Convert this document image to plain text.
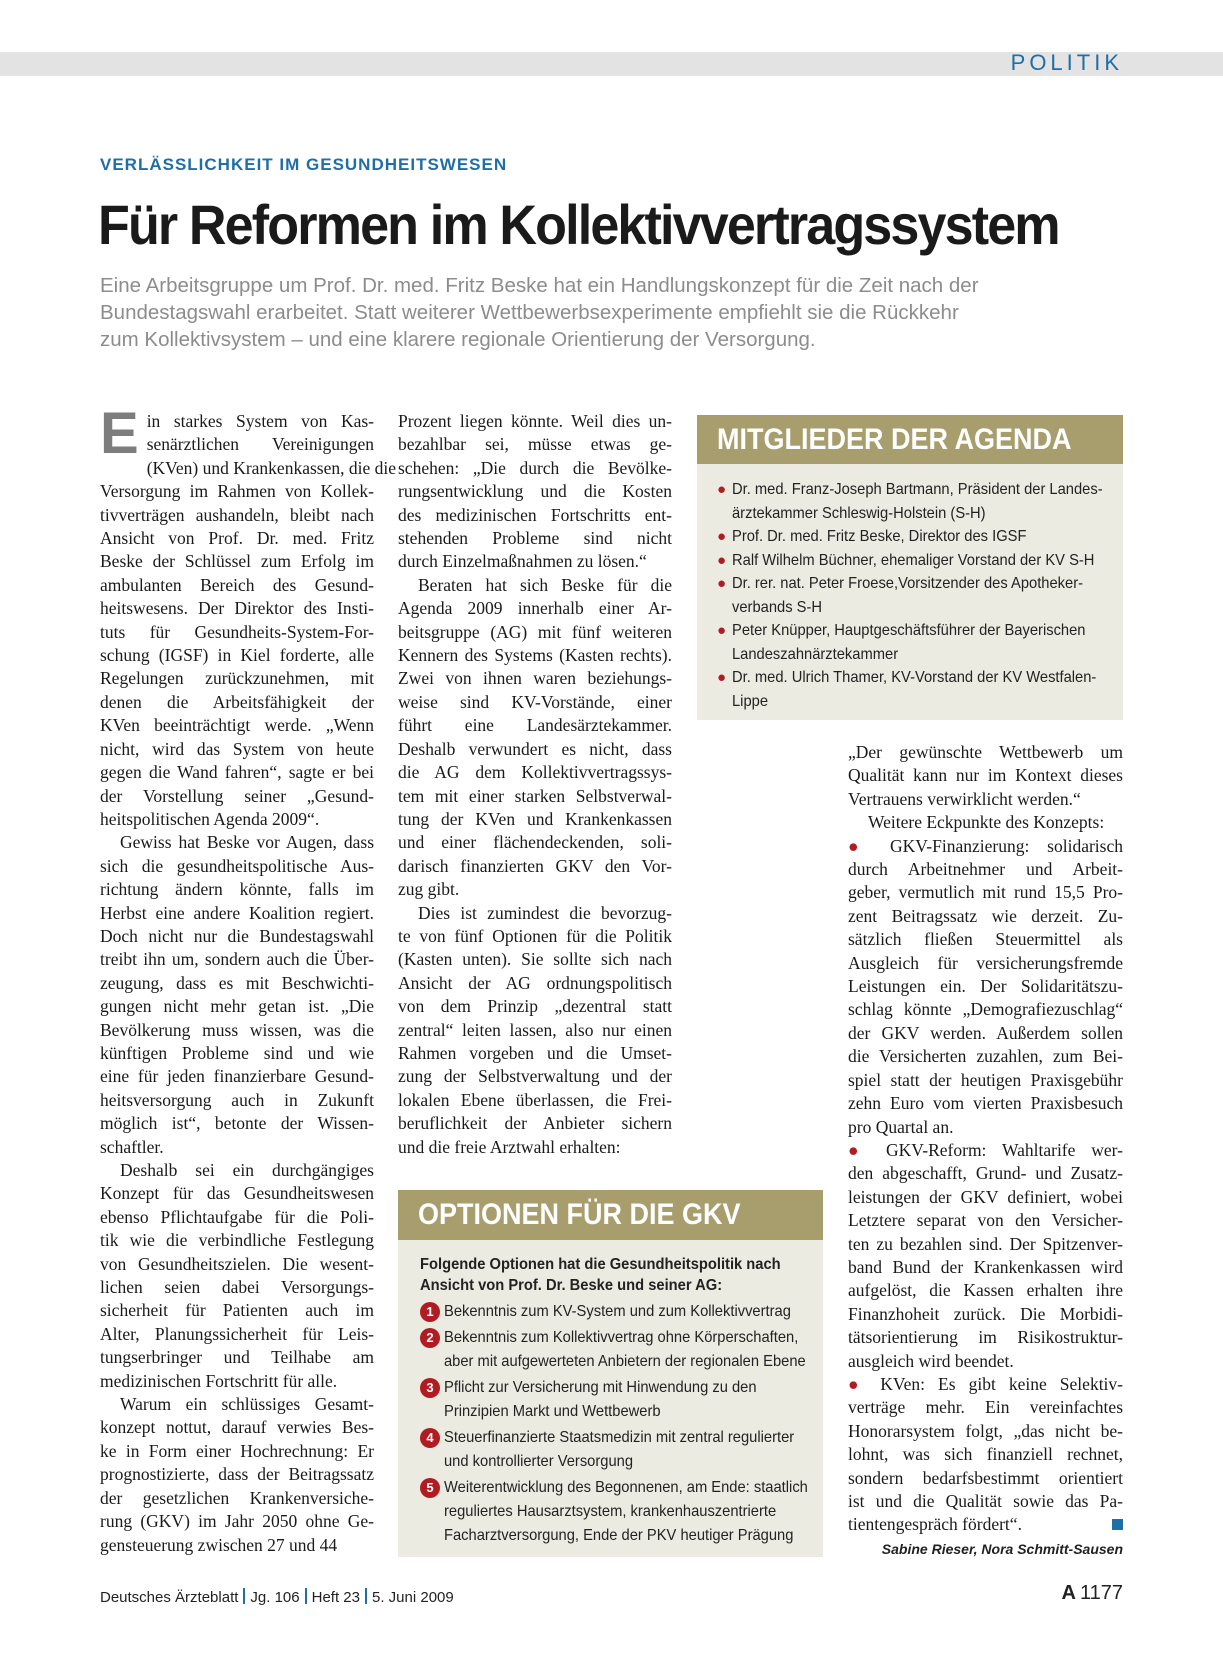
POLITIK
VERLÄSSLICHKEIT IM GESUNDHEITSWESEN
Für Reformen im Kollektivvertragssystem

Eine Arbeitsgruppe um Prof. Dr. med. Fritz Beske hat ein Handlungskonzept für die Zeit nach der

Bundestagswahl erarbeitet. Statt weiterer Wettbewerbsexperimente empfiehlt sie die Rückkehr

zum Kollektivsystem – und eine klarere regionale Orientierung der Versorgung.

E in starkes System von Kas-

senärztlichen Vereinigungen

(KVen) und Krankenkassen, die die

Versorgung im Rahmen von Kollek-

tivverträgen aushandeln, bleibt nach

Ansicht von Prof. Dr. med. Fritz

Beske der Schlüssel zum Erfolg im

ambulanten Bereich des Gesund-

heitswesens. Der Direktor des Insti-

tuts für Gesundheits-System-For-

schung (IGSF) in Kiel forderte, alle

Regelungen zurückzunehmen, mit

denen die Arbeitsfähigkeit der

KVen beeinträchtigt werde. „Wenn

nicht, wird das System von heute

gegen die Wand fahren“, sagte er bei

der Vorstellung seiner „Gesund-

heitspolitischen Agenda 2009“.

Gewiss hat Beske vor Augen, dass

sich die gesundheitspolitische Aus-

richtung ändern könnte, falls im

Herbst eine andere Koalition regiert.

Doch nicht nur die Bundestagswahl

treibt ihn um, sondern auch die Über-

zeugung, dass es mit Beschwichti-

gungen nicht mehr getan ist. „Die

Bevölkerung muss wissen, was die

künftigen Probleme sind und wie

eine für jeden finanzierbare Gesund-

heitsversorgung auch in Zukunft

möglich ist“, betonte der Wissen-

schaftler.

Deshalb sei ein durchgängiges

Konzept für das Gesundheitswesen

ebenso Pflichtaufgabe für die Poli-

tik wie die verbindliche Festlegung

von Gesundheitszielen. Die wesent-

lichen seien dabei Versorgungs-

sicherheit für Patienten auch im

Alter, Planungssicherheit für Leis-

tungserbringer und Teilhabe am

medizinischen Fortschritt für alle.

Warum ein schlüssiges Gesamt-

konzept nottut, darauf verwies Bes-

ke in Form einer Hochrechnung: Er

prognostizierte, dass der Beitragssatz

der gesetzlichen Krankenversiche-

rung (GKV) im Jahr 2050 ohne Ge-

gensteuerung zwischen 27 und 44

Prozent liegen könnte. Weil dies un-

bezahlbar sei, müsse etwas ge-

schehen: „Die durch die Bevölke-

rungsentwicklung und die Kosten

des medizinischen Fortschritts ent-

stehenden Probleme sind nicht

durch Einzelmaßnahmen zu lösen.“

Beraten hat sich Beske für die

Agenda 2009 innerhalb einer Ar-

beitsgruppe (AG) mit fünf weiteren

Kennern des Systems (Kasten rechts).

Zwei von ihnen waren beziehungs-

weise sind KV-Vorstände, einer

führt eine Landesärztekammer.

Deshalb verwundert es nicht, dass

die AG dem Kollektivvertragssys-

tem mit einer starken Selbstverwal-

tung der KVen und Krankenkassen

und einer flächendeckenden, soli-

darisch finanzierten GKV den Vor-

zug gibt.

Dies ist zumindest die bevorzug-

te von fünf Optionen für die Politik

(Kasten unten). Sie sollte sich nach

Ansicht der AG ordnungspolitisch

von dem Prinzip „dezentral statt

zentral“ leiten lassen, also nur einen

Rahmen vorgeben und die Umset-

zung der Selbstverwaltung und der

lokalen Ebene überlassen, die Frei-

beruflichkeit der Anbieter sichern

und die freie Arztwahl erhalten:

MITGLIEDER DER AGENDA
● Dr. med. Franz-Joseph Bartmann, Präsident der Landes-
ärztekammer Schleswig-Holstein (S-H)
● Prof. Dr. med. Fritz Beske, Direktor des IGSF
● Ralf Wilhelm Büchner, ehemaliger Vorstand der KV S-H
● Dr. rer. nat. Peter Froese,Vorsitzender des Apotheker-
verbands S-H
● Peter Knüpper, Hauptgeschäftsführer der Bayerischen
Landeszahnärztekammer
● Dr. med. Ulrich Thamer, KV-Vorstand der KV Westfalen-
Lippe

„Der gewünschte Wettbewerb um

Qualität kann nur im Kontext dieses

Vertrauens verwirklicht werden.“

Weitere Eckpunkte des Konzepts:

● GKV-Finanzierung: solidarisch

durch Arbeitnehmer und Arbeit-

geber, vermutlich mit rund 15,5 Pro-

zent Beitragssatz wie derzeit. Zu-

sätzlich fließen Steuermittel als

Ausgleich für versicherungsfremde

Leistungen ein. Der Solidaritätszu-

schlag könnte „Demografiezuschlag“

der GKV werden. Außerdem sollen

die Versicherten zuzahlen, zum Bei-

spiel statt der heutigen Praxisgebühr

zehn Euro vom vierten Praxisbesuch

pro Quartal an.

● GKV-Reform: Wahltarife wer-

den abgeschafft, Grund- und Zusatz-

leistungen der GKV definiert, wobei

Letztere separat von den Versicher-

ten zu bezahlen sind. Der Spitzenver-

band Bund der Krankenkassen wird

aufgelöst, die Kassen erhalten ihre

Finanzhoheit zurück. Die Morbidi-

tätsorientierung im Risikostruktur-

ausgleich wird beendet.

● KVen: Es gibt keine Selektiv-

verträge mehr. Ein vereinfachtes

Honorarsystem folgt, „das nicht be-

lohnt, was sich finanziell rechnet,

sondern bedarfsbestimmt orientiert

ist und die Qualität sowie das Pa-

tientengespräch fördert“.

OPTIONEN FÜR DIE GKV
Folgende Optionen hat die Gesundheitspolitik nach
Ansicht von Prof. Dr. Beske und seiner AG:
1 Bekenntnis zum KV-System und zum Kollektivvertrag
2 Bekenntnis zum Kollektivvertrag ohne Körperschaften,
aber mit aufgewerteten Anbietern der regionalen Ebene
3 Pflicht zur Versicherung mit Hinwendung zu den
Prinzipien Markt und Wettbewerb
4 Steuerfinanzierte Staatsmedizin mit zentral regulierter
und kontrollierter Versorgung
5 Weiterentwicklung des Begonnenen, am Ende: staatlich
reguliertes Hausarztsystem, krankenhauszentrierte
Facharztversorgung, Ende der PKV heutiger Prägung
Sabine Rieser, Nora Schmitt-Sausen
Deutsches Ärzteblatt Jg. 106 Heft 23 5. Juni 2009	A 1177
